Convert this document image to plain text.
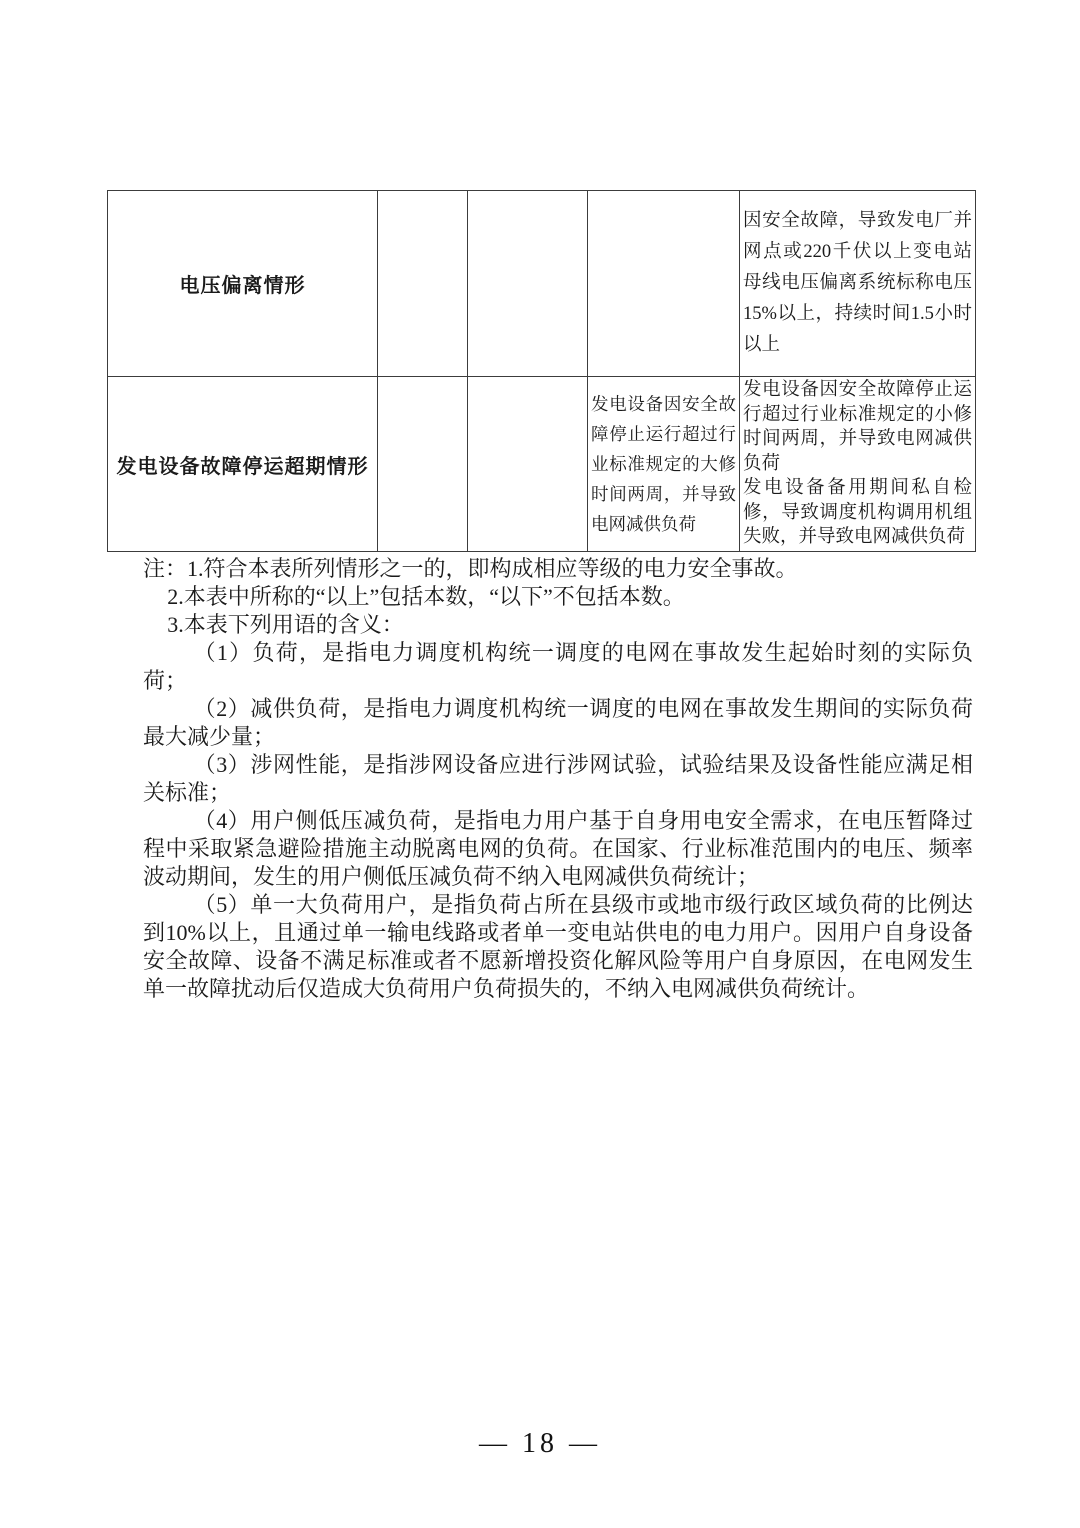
电压偏离情形				因安全故障，导致发电厂并网点或220千伏以上变电站母线电压偏离系统标称电压15%以上，持续时间1.5小时以上
发电设备故障停运超期情形			发电设备因安全故障停止运行超过行业标准规定的大修时间两周，并导致电网减供负荷	发电设备因安全故障停止运行超过行业标准规定的小修时间两周，并导致电网减供负荷

发电设备备用期间私自检修，导致调度机构调用机组失败，并导致电网减供负荷

注：1.符合本表所列情形之一的，即构成相应等级的电力安全事故。

2.本表中所称的“以上”包括本数，“以下”不包括本数。

3.本表下列用语的含义：

（1）负荷，是指电力调度机构统一调度的电网在事故发生起始时刻的实际负荷；

（2）减供负荷，是指电力调度机构统一调度的电网在事故发生期间的实际负荷最大减少量；

（3）涉网性能，是指涉网设备应进行涉网试验，试验结果及设备性能应满足相关标准；

（4）用户侧低压减负荷，是指电力用户基于自身用电安全需求，在电压暂降过程中采取紧急避险措施主动脱离电网的负荷。在国家、行业标准范围内的电压、频率波动期间，发生的用户侧低压减负荷不纳入电网减供负荷统计；

（5）单一大负荷用户，是指负荷占所在县级市或地市级行政区域负荷的比例达到10%以上，且通过单一输电线路或者单一变电站供电的电力用户。因用户自身设备安全故障、设备不满足标准或者不愿新增投资化解风险等用户自身原因，在电网发生单一故障扰动后仅造成大负荷用户负荷损失的，不纳入电网减供负荷统计。

— 18 —
